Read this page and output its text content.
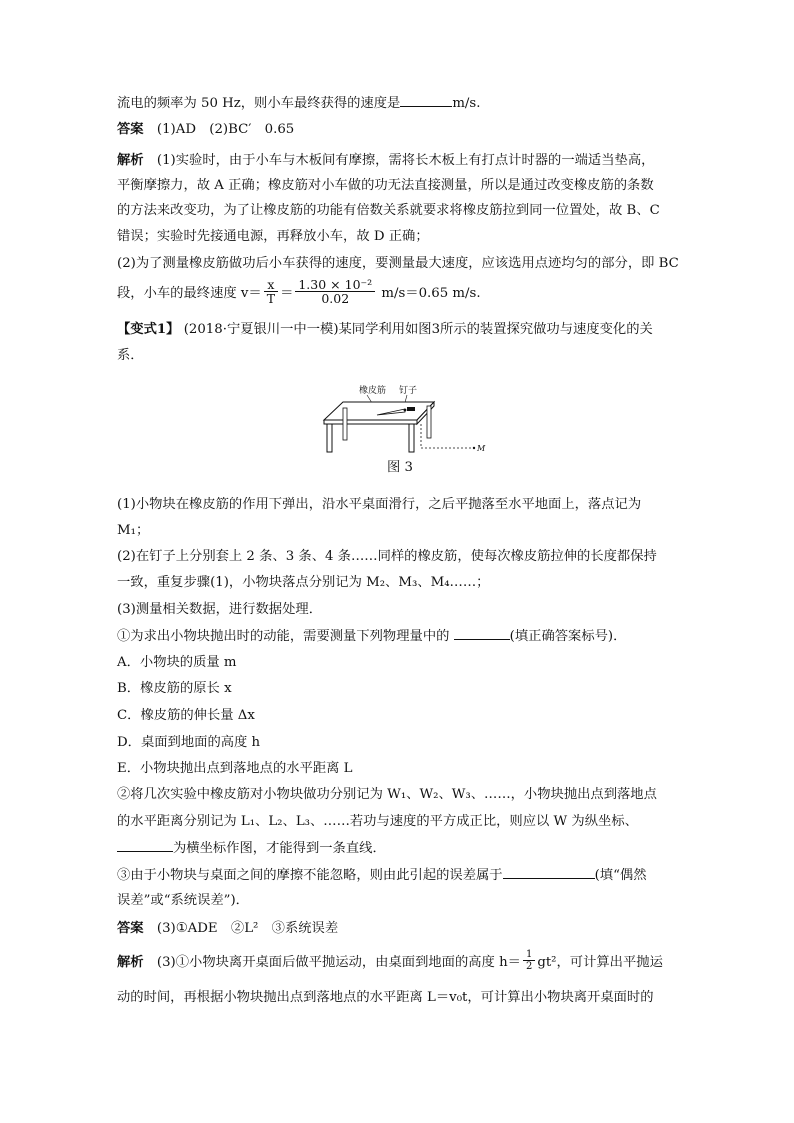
流电的频率为 50 Hz，则小车最终获得的速度是	m/s.
答案  (1)AD　(2)BC′　0.65
解析  (1)实验时，由于小车与木板间有摩擦，需将长木板上有打点计时器的一端适当垫高，
平衡摩擦力，故 A 正确；橡皮筋对小车做的功无法直接测量，所以是通过改变橡皮筋的条数
的方法来改变功，为了让橡皮筋的功能有倍数关系就要求将橡皮筋拉到同一位置处，故 B、C
错误；实验时先接通电源，再释放小车，故 D 正确；
(2)为了测量橡皮筋做功后小车获得的速度，要测量最大速度，应该选用点迹均匀的部分，即 BC
段，小车的最终速度 $v= \frac{x}{T} = \frac{\text{1.30 × 10⁻²}}{0.02} m/s=0.65$ m/s.
【变式1】 (2018·宁夏银川一中一模)某同学利用如图3所示的装置探究做功与速度变化的关
系．
橡皮筋 钉子
M
图 3
(1)小物块在橡皮筋的作用下弹出，沿水平桌面滑行，之后平抛落至水平地面上，落点记为
M₁；
(2)在钉子上分别套上 2 条、3 条、4 条……同样的橡皮筋，使每次橡皮筋拉伸的长度都保持
一致，重复步骤(1)，小物块落点分别记为 M₂、M₃、M₄……；
(3)测量相关数据，进行数据处理．
①为求出小物块抛出时的动能，需要测量下列物理量中的	(填正确答案标号)．
A．小物块的质量 m
B．橡皮筋的原长 x
C．橡皮筋的伸长量 Δx
D．桌面到地面的高度 h
E．小物块抛出点到落地点的水平距离 L
②将几次实验中橡皮筋对小物块做功分别记为 W₁、W₂、W₃、……，小物块抛出点到落地点
的水平距离分别记为 L₁、L₂、L₃、……若功与速度的平方成正比，则应以 W 为纵坐标、
为横坐标作图，才能得到一条直线．
③由于小物块与桌面之间的摩擦不能忽略，则由此引起的误差属于	(填“偶然
误差”或“系统误差”)．
答案  (3)①ADE　②L²　③系统误差
解析  (3)①小物块离开桌面后做平抛运动，由桌面到地面的高度 $h= \frac{1}{2} gt^2$，可计算出平抛运
动的时间，再根据小物块抛出点到落地点的水平距离 L＝v₀t，可计算出小物块离开桌面时的
